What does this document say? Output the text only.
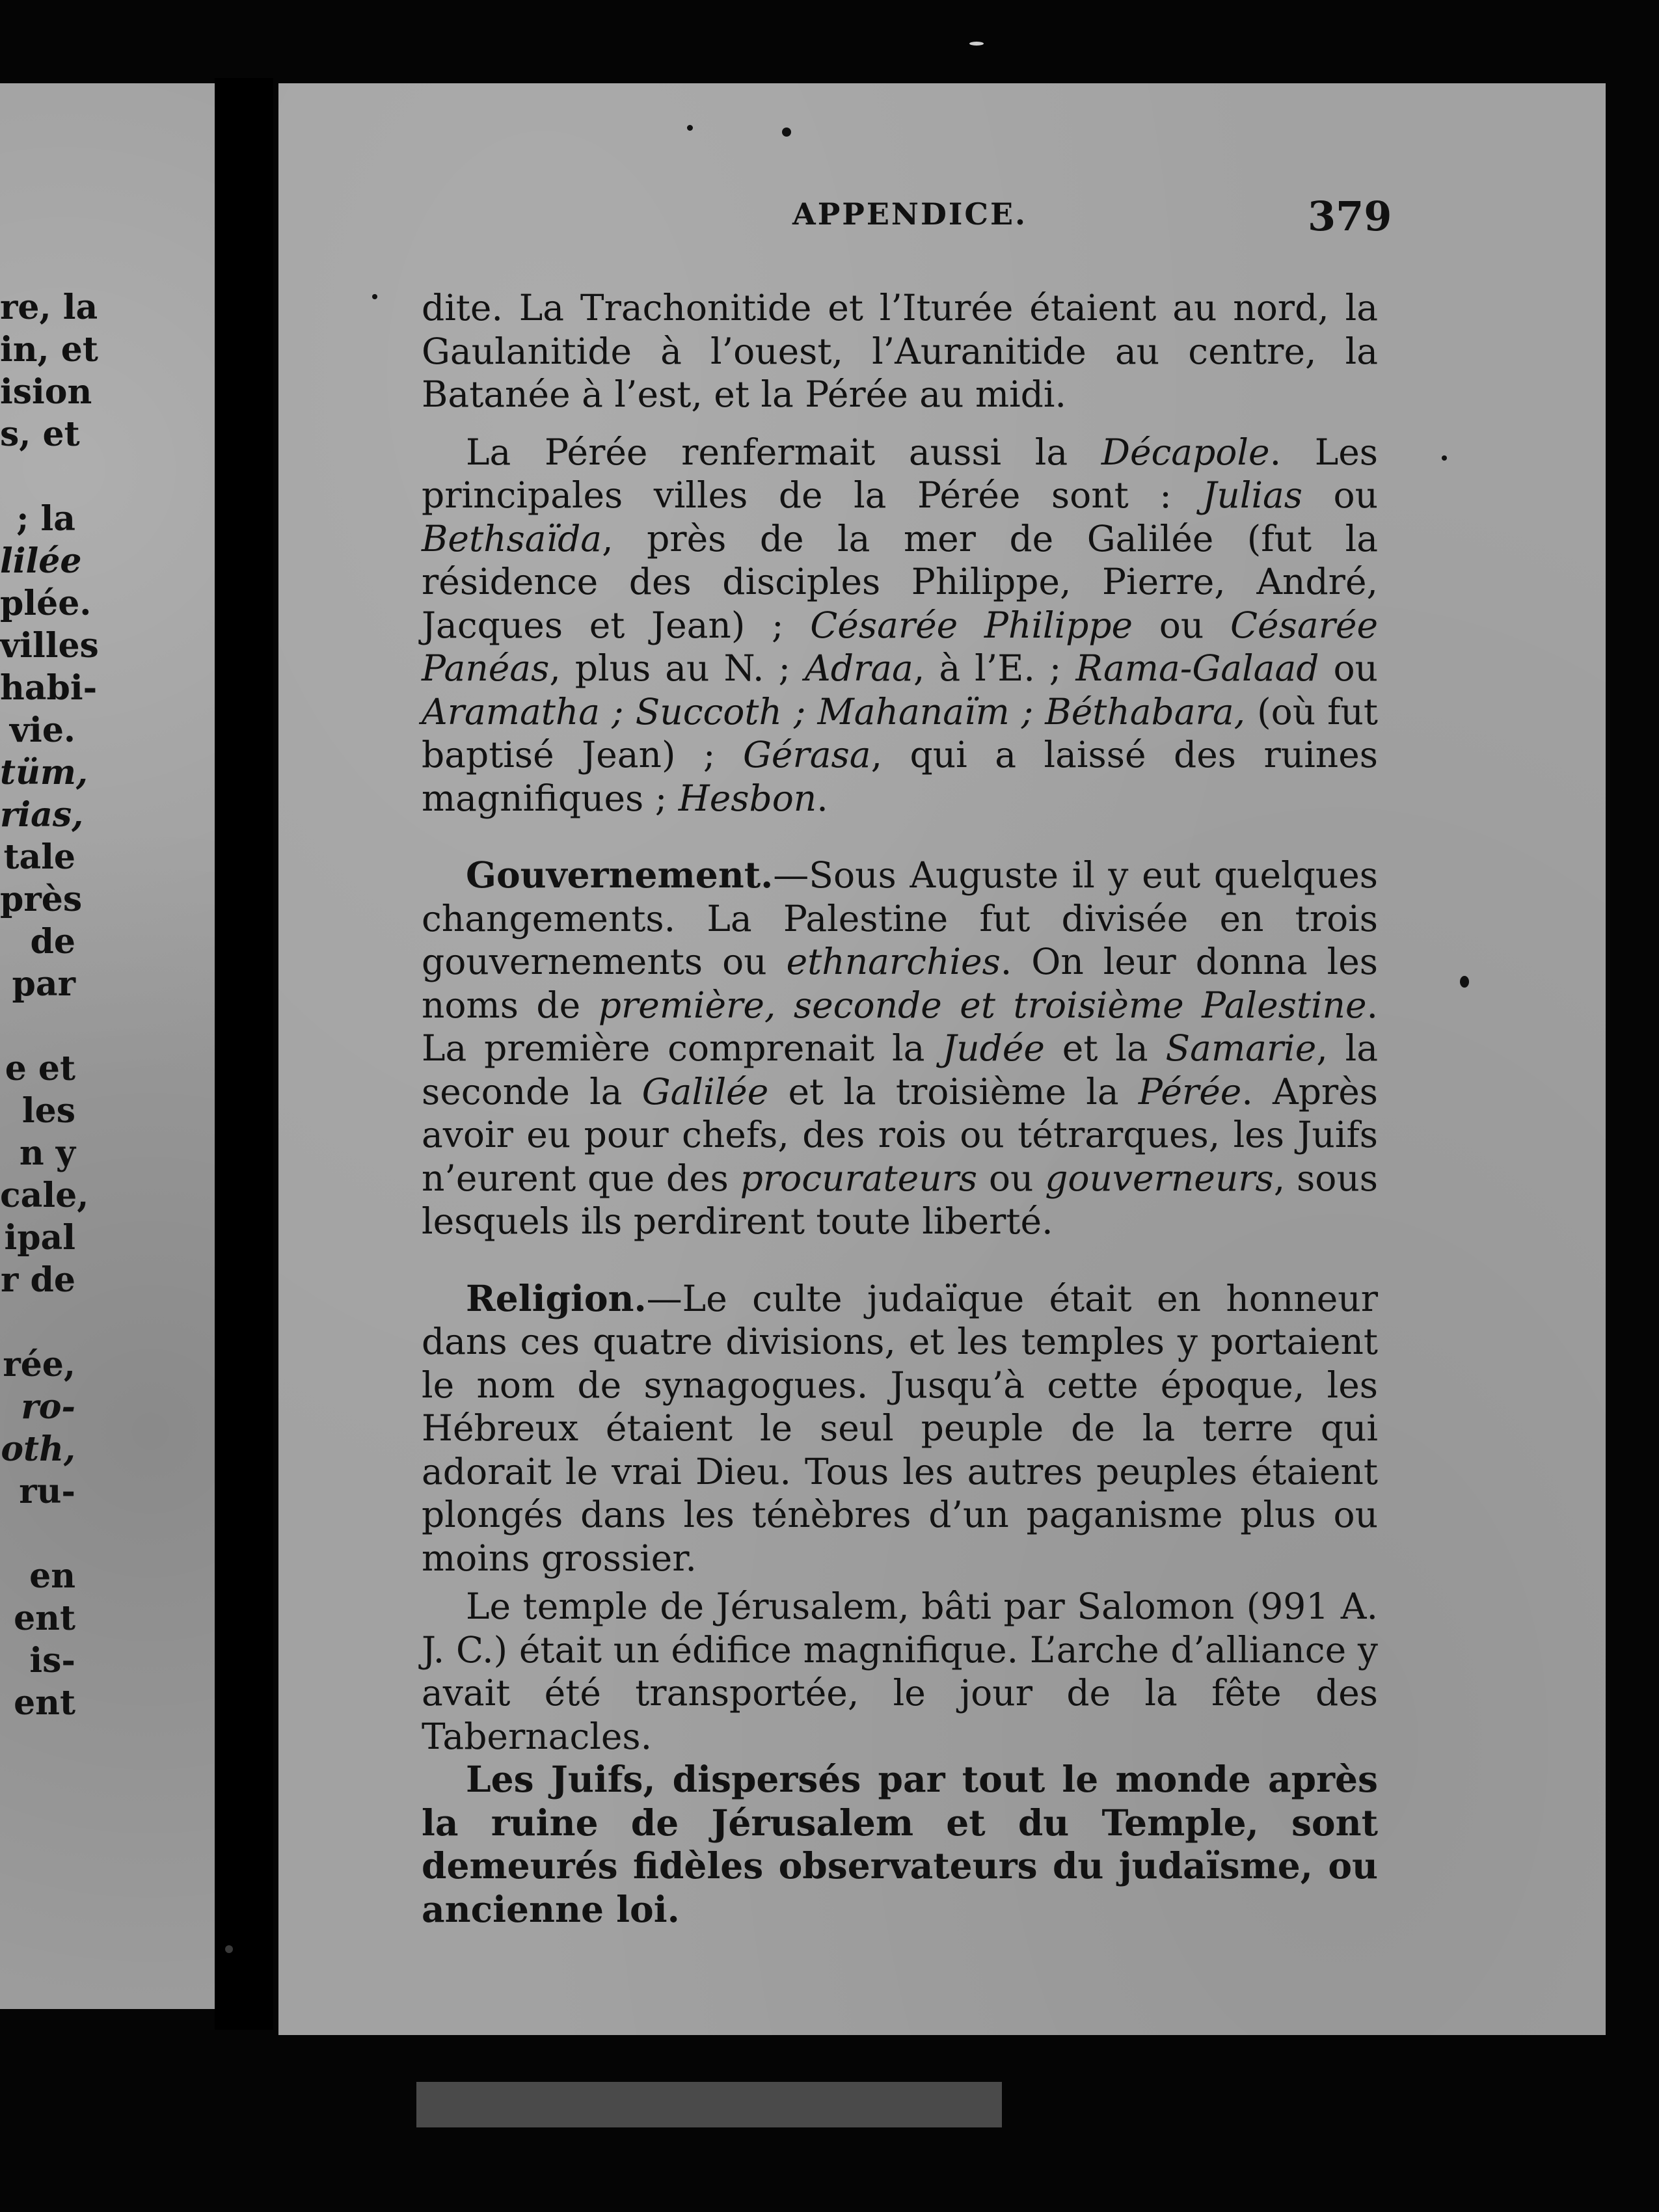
re, la
in, et
ision
s, et
; la
lilée
plée.
villes
habi-
vie.
tüm,
rias,
tale
près
de
par
e et
les
n y
cale,
ipal
r de
rée,
ro-
oth,
ru-
en
ent
is-
ent
APPENDICE.	379

dite. La Trachonitide et l’Iturée étaient au nord, la Gaulanitide à l’ouest, l’Auranitide au centre, la Batanée à l’est, et la Pérée au midi.

La Pérée renfermait aussi la Décapole. Les principales villes de la Pérée sont : Julias ou Bethsaïda, près de la mer de Galilée (fut la résidence des disciples Philippe, Pierre, André, Jacques et Jean) ; Césarée Philippe ou Césarée Panéas, plus au N. ; Adraa, à l’E. ; Rama-Galaad ou Aramatha ; Succoth ; Mahanaïm ; Béthabara, (où fut baptisé Jean) ; Gérasa, qui a laissé des ruines magnifiques ; Hesbon.

Gouvernement.—Sous Auguste il y eut quelques changements. La Palestine fut divisée en trois gouvernements ou ethnarchies. On leur donna les noms de première, seconde et troisième Palestine. La première comprenait la Judée et la Samarie, la seconde la Galilée et la troisième la Pérée. Après avoir eu pour chefs, des rois ou tétrarques, les Juifs n’eurent que des procurateurs ou gouverneurs, sous lesquels ils perdirent toute liberté.

Religion.—Le culte judaïque était en honneur dans ces quatre divisions, et les temples y portaient le nom de synagogues. Jusqu’à cette époque, les Hébreux étaient le seul peuple de la terre qui adorait le vrai Dieu. Tous les autres peuples étaient plongés dans les ténèbres d’un paganisme plus ou moins grossier.

Le temple de Jérusalem, bâti par Salomon (991 A. J. C.) était un édifice magnifique. L’arche d’alliance y avait été transportée, le jour de la fête des Tabernacles.

Les Juifs, dispersés par tout le monde après la ruine de Jérusalem et du Temple, sont demeurés fidèles observateurs du judaïsme, ou ancienne loi.
